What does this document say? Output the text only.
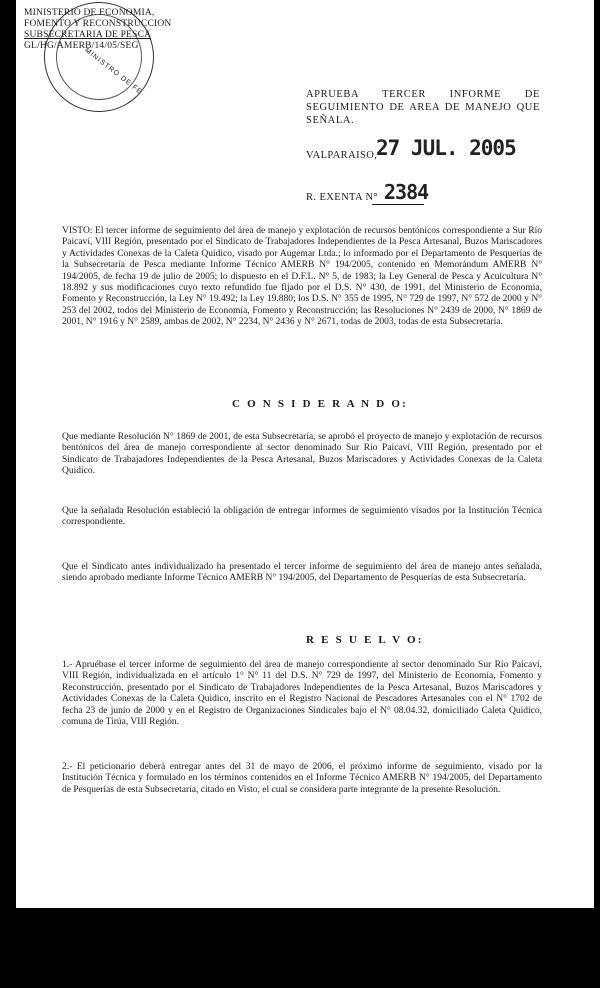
MINISTRO DE FE
MINISTERIO DE ECONOMIA,
FOMENTO Y RECONSTRUCCION
SUBSECRETARIA DE PESCA
GL/HG/AMERB/14/05/SEG
APRUEBA TERCER INFORME DE SEGUIMIENTO DE AREA DE MANEJO QUE SEÑALA.
VALPARAISO,
27 JUL. 2005
R. EXENTA N° 2384
VISTO: El tercer informe de seguimiento del área de manejo y explotación de recursos bentónicos correspondiente a Sur Río Paicaví, VIII Región, presentado por el Sindicato de Trabajadores Independientes de la Pesca Artesanal, Buzos Mariscadores y Actividades Conexas de la Caleta Quidico, visado por Augemar Ltda.; lo informado por el Departamento de Pesquerías de la Subsecretaría de Pesca mediante Informe Técnico AMERB N° 194/2005, contenido en Memorándum AMERB N° 194/2005, de fecha 19 de julio de 2005; lo dispuesto en el D.F.L. N° 5, de 1983; la Ley General de Pesca y Acuicultura N° 18.892 y sus modificaciones cuyo texto refundido fue fijado por el D.S. N° 430, de 1991, del Ministerio de Economía, Fomento y Reconstrucción, la Ley N° 19.492; la Ley 19.880; los D.S. N° 355 de 1995, N° 729 de 1997, N° 572 de 2000 y N° 253 del 2002, todos del Ministerio de Economía, Fomento y Reconstrucción; las Resoluciones N° 2439 de 2000, N° 1869 de 2001, N° 1916 y N° 2589, ambas de 2002, N° 2234, N° 2436 y N° 2671, todas de 2003, todas de esta Subsecretaría.
C O N S I D E R A N D O:
Que mediante Resolución N° 1869 de 2001, de esta Subsecretaría, se aprobó el proyecto de manejo y explotación de recursos bentónicos del área de manejo correspondiente al sector denominado Sur Río Paicaví, VIII Región, presentado por el Sindicato de Trabajadores Independientes de la Pesca Artesanal, Buzos Mariscadores y Actividades Conexas de la Caleta Quidico.
Que la señalada Resolución estableció la obligación de entregar informes de seguimiento visados por la Institución Técnica correspondiente.
Que el Sindicato antes individualizado ha presentado el tercer informe de seguimiento del área de manejo antes señalada, siendo aprobado mediante Informe Técnico AMERB N° 194/2005, del Departamento de Pesquerías de esta Subsecretaría.
R E S U E L V O:
1.- Apruébase el tercer informe de seguimiento del área de manejo correspondiente al sector denominado Sur Río Paicaví, VIII Región, individualizada en el artículo 1° N° 11 del D.S. N° 729 de 1997, del Ministerio de Economía, Fomento y Reconstrucción, presentado por el Sindicato de Trabajadores Independientes de la Pesca Artesanal, Buzos Mariscadores y Actividades Conexas de la Caleta Quidico, inscrito en el Registro Nacional de Pescadores Artesanales con el N° 1702 de fecha 23 de junio de 2000 y en el Registro de Organizaciones Sindicales bajo el N° 08.04.32, domiciliado Caleta Quidico, comuna de Tirúa, VIII Región.
2.- El peticionario deberá entregar antes del 31 de mayo de 2006, el próximo informe de seguimiento, visado por la Institución Técnica y formulado en los términos contenidos en el Informe Técnico AMERB N° 194/2005, del Departamento de Pesquerías de esta Subsecretaría, citado en Visto, el cual se considera parte integrante de la presente Resolución.
